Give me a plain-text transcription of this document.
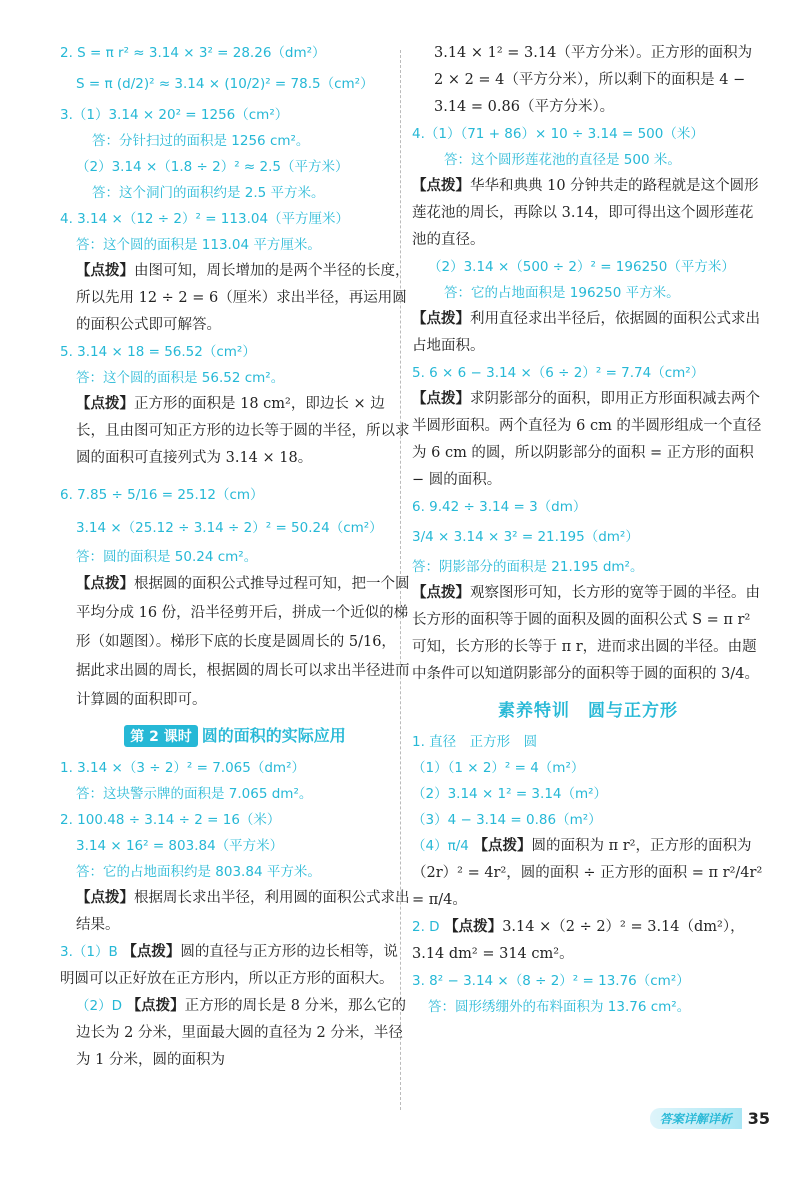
2. S = π r² ≈ 3.14 × 3² = 28.26（dm²）
S = π (d/2)² ≈ 3.14 × (10/2)² = 78.5（cm²）
3.（1）3.14 × 20² = 1256（cm²）
答：分针扫过的面积是 1256 cm²。
（2）3.14 ×（1.8 ÷ 2）² ≈ 2.5（平方米）
答：这个洞门的面积约是 2.5 平方米。
4. 3.14 ×（12 ÷ 2）² = 113.04（平方厘米）
答：这个圆的面积是 113.04 平方厘米。
【点拨】由图可知，周长增加的是两个半径的长度，所以先用 12 ÷ 2 = 6（厘米）求出半径，再运用圆的面积公式即可解答。
5. 3.14 × 18 = 56.52（cm²）
答：这个圆的面积是 56.52 cm²。
【点拨】正方形的面积是 18 cm²，即边长 × 边长，且由图可知正方形的边长等于圆的半径，所以求圆的面积可直接列式为 3.14 × 18。
6. 7.85 ÷ 5/16 = 25.12（cm）
3.14 ×（25.12 ÷ 3.14 ÷ 2）² = 50.24（cm²）
答：圆的面积是 50.24 cm²。
【点拨】根据圆的面积公式推导过程可知，把一个圆平均分成 16 份，沿半径剪开后，拼成一个近似的梯形（如题图）。梯形下底的长度是圆周长的 5/16，据此求出圆的周长，根据圆的周长可以求出半径进而计算圆的面积即可。
第 2 课时 圆的面积的实际应用
1. 3.14 ×（3 ÷ 2）² = 7.065（dm²）
答：这块警示牌的面积是 7.065 dm²。
2. 100.48 ÷ 3.14 ÷ 2 = 16（米）
3.14 × 16² = 803.84（平方米）
答：它的占地面积约是 803.84 平方米。
【点拨】根据周长求出半径，利用圆的面积公式求出结果。
3.（1）B 【点拨】圆的直径与正方形的边长相等，说明圆可以正好放在正方形内，所以正方形的面积大。
（2）D 【点拨】正方形的周长是 8 分米，那么它的边长为 2 分米，里面最大圆的直径为 2 分米，半径为 1 分米，圆的面积为
3.14 × 1² = 3.14（平方分米）。正方形的面积为 2 × 2 = 4（平方分米），所以剩下的面积是 4 − 3.14 = 0.86（平方分米）。
4.（1）（71 + 86）× 10 ÷ 3.14 = 500（米）
答：这个圆形莲花池的直径是 500 米。
【点拨】华华和典典 10 分钟共走的路程就是这个圆形莲花池的周长，再除以 3.14，即可得出这个圆形莲花池的直径。
（2）3.14 ×（500 ÷ 2）² = 196250（平方米）
答：它的占地面积是 196250 平方米。
【点拨】利用直径求出半径后，依据圆的面积公式求出占地面积。
5. 6 × 6 − 3.14 ×（6 ÷ 2）² = 7.74（cm²）
【点拨】求阴影部分的面积，即用正方形面积减去两个半圆形面积。两个直径为 6 cm 的半圆形组成一个直径为 6 cm 的圆，所以阴影部分的面积 = 正方形的面积 − 圆的面积。
6. 9.42 ÷ 3.14 = 3（dm）
3/4 × 3.14 × 3² = 21.195（dm²）
答：阴影部分的面积是 21.195 dm²。
【点拨】观察图形可知，长方形的宽等于圆的半径。由长方形的面积等于圆的面积及圆的面积公式 S = π r² 可知，长方形的长等于 π r，进而求出圆的半径。由题中条件可以知道阴影部分的面积等于圆的面积的 3/4。
素养特训　圆与正方形
1. 直径　正方形　圆
（1）（1 × 2）² = 4（m²）
（2）3.14 × 1² = 3.14（m²）
（3）4 − 3.14 = 0.86（m²）
（4）π/4 【点拨】圆的面积为 π r²，正方形的面积为（2r）² = 4r²，圆的面积 ÷ 正方形的面积 = π r²/4r² = π/4。
2. D 【点拨】3.14 ×（2 ÷ 2）² = 3.14（dm²），3.14 dm² = 314 cm²。
3. 8² − 3.14 ×（8 ÷ 2）² = 13.76（cm²）
答：圆形绣绷外的布料面积为 13.76 cm²。
答案详解详析	35
